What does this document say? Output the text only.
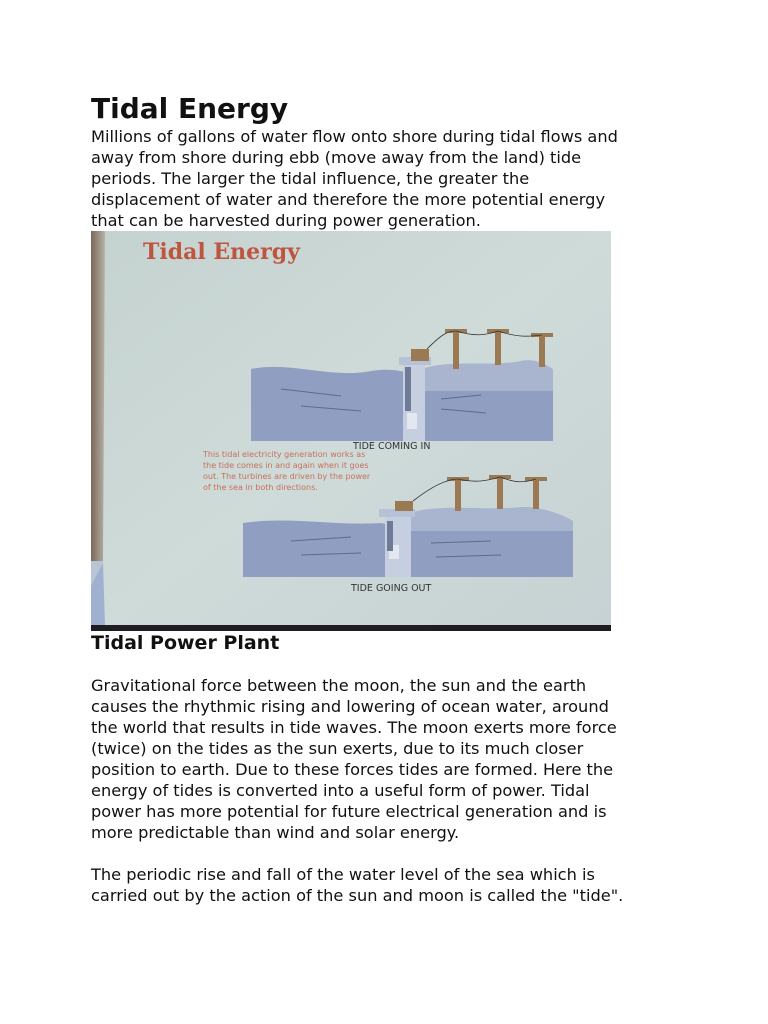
Tidal Energy

Millions of gallons of water flow onto shore during tidal flows and
away from shore during ebb (move away from the land) tide
periods. The larger the tidal influence, the greater the
displacement of water and therefore the more potential energy
that can be harvested during power generation.

Tidal Energy
TIDE COMING IN
This tidal electricity generation works as
the tide comes in and again when it goes
out. The turbines are driven by the power
of the sea in both directions.
TIDE GOING OUT
Tidal Power Plant

Gravitational force between the moon, the sun and the earth
causes the rhythmic rising and lowering of ocean water, around
the world that results in tide waves. The moon exerts more force
(twice) on the tides as the sun exerts, due to its much closer
position to earth. Due to these forces tides are formed. Here the
energy of tides is converted into a useful form of power. Tidal
power has more potential for future electrical generation and is
more predictable than wind and solar energy.

The periodic rise and fall of the water level of the sea which is
carried out by the action of the sun and moon is called the "tide".
